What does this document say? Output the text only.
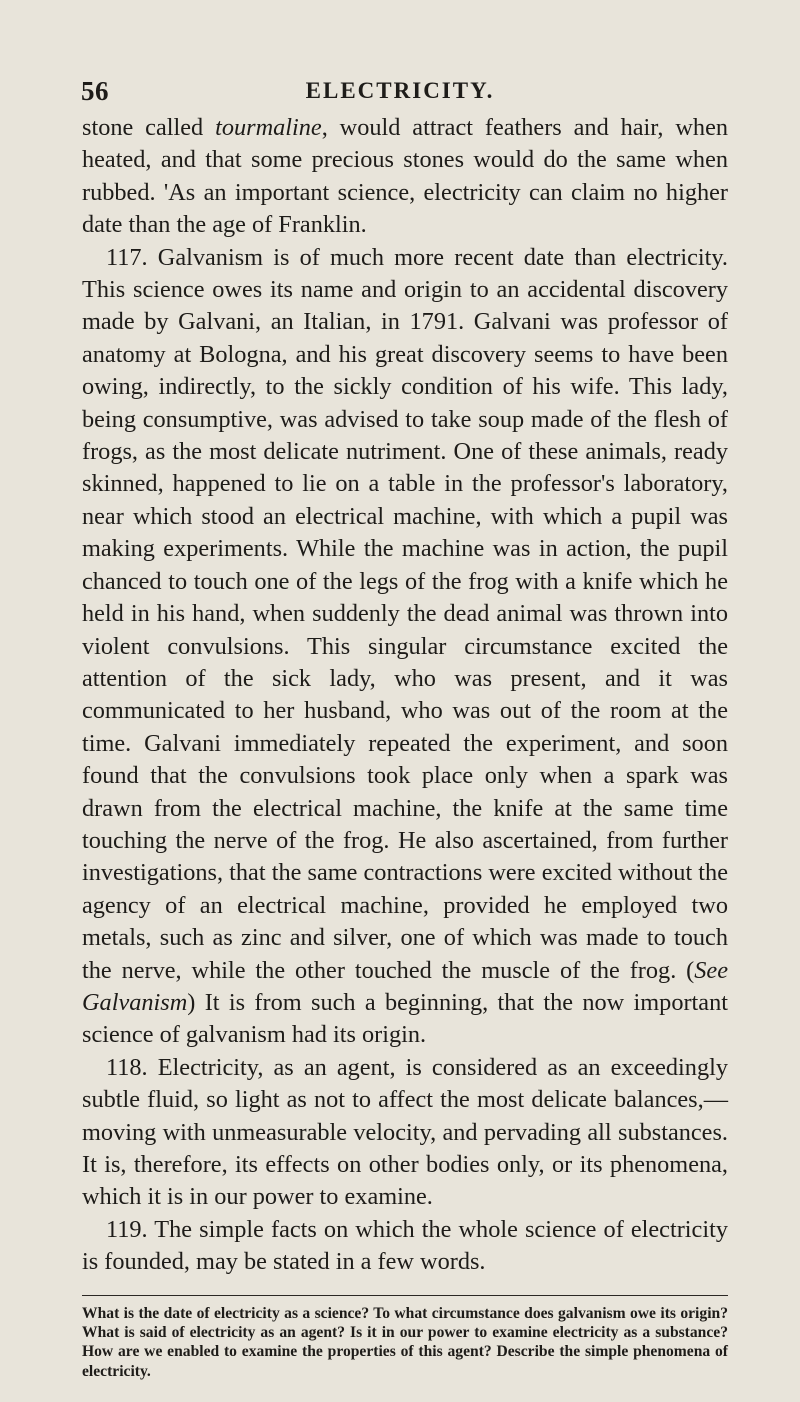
56	ELECTRICITY.

stone called tourmaline, would attract feathers and hair, when heated, and that some precious stones would do the same when rubbed. 'As an important science, electricity can claim no higher date than the age of Franklin.

117. Galvanism is of much more recent date than electricity. This science owes its name and origin to an accidental discovery made by Galvani, an Italian, in 1791. Galvani was professor of anatomy at Bologna, and his great discovery seems to have been owing, indirectly, to the sickly condition of his wife. This lady, being consumptive, was advised to take soup made of the flesh of frogs, as the most delicate nutriment. One of these animals, ready skinned, happened to lie on a table in the professor's laboratory, near which stood an electrical machine, with which a pupil was making experiments. While the machine was in action, the pupil chanced to touch one of the legs of the frog with a knife which he held in his hand, when suddenly the dead animal was thrown into violent convulsions. This singular circumstance excited the attention of the sick lady, who was present, and it was communicated to her husband, who was out of the room at the time. Galvani immediately repeated the experiment, and soon found that the convulsions took place only when a spark was drawn from the electrical machine, the knife at the same time touching the nerve of the frog. He also ascertained, from further investigations, that the same contractions were excited without the agency of an electrical machine, provided he employed two metals, such as zinc and silver, one of which was made to touch the nerve, while the other touched the muscle of the frog. (See Galvanism) It is from such a beginning, that the now important science of galvanism had its origin.

118. Electricity, as an agent, is considered as an exceedingly subtle fluid, so light as not to affect the most delicate balances,—moving with unmeasurable velocity, and pervading all substances. It is, therefore, its effects on other bodies only, or its phenomena, which it is in our power to examine.

119. The simple facts on which the whole science of electricity is founded, may be stated in a few words.

What is the date of electricity as a science? To what circumstance does galvanism owe its origin? What is said of electricity as an agent? Is it in our power to examine electricity as a substance? How are we enabled to examine the properties of this agent? Describe the simple phenomena of electricity.
